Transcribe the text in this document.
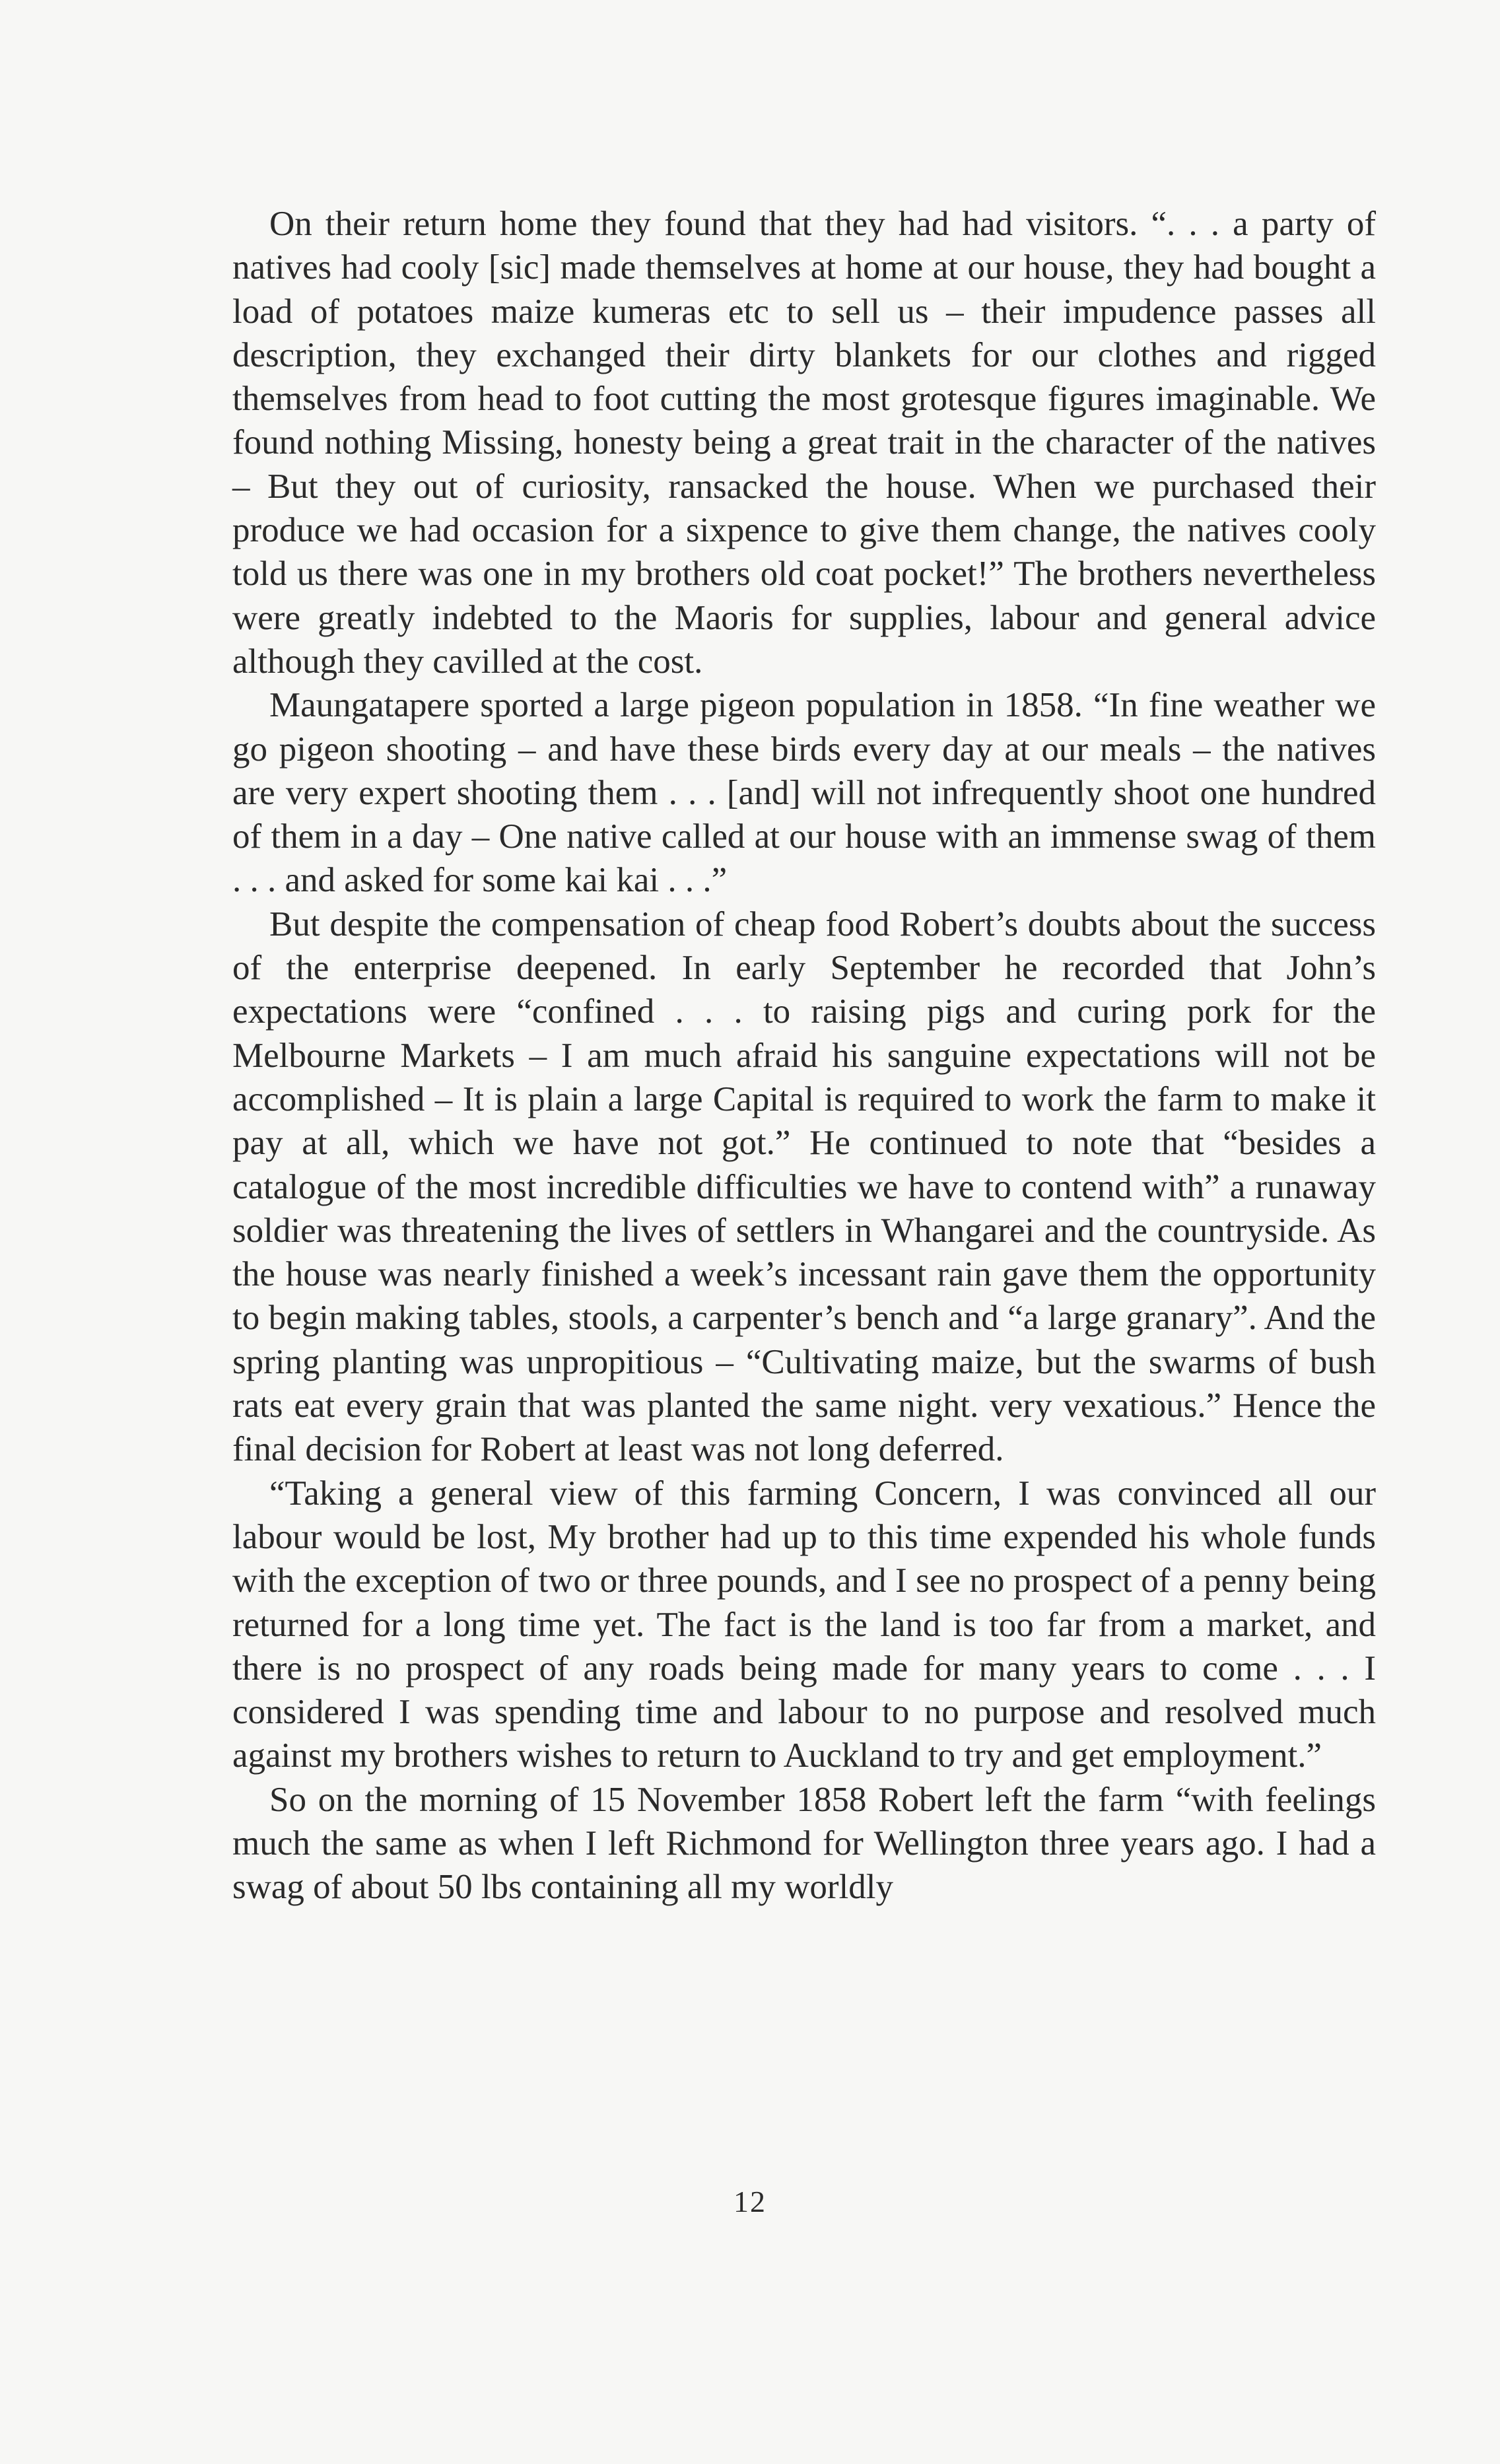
On their return home they found that they had had visitors. “. . . a party of natives had cooly [sic] made themselves at home at our house, they had bought a load of potatoes maize kumeras etc to sell us – their impudence passes all description, they exchanged their dirty blankets for our clothes and rigged themselves from head to foot cutting the most grotesque figures imaginable. We found nothing Missing, honesty being a great trait in the character of the natives – But they out of curiosity, ransacked the house. When we purchased their produce we had occasion for a sixpence to give them change, the natives cooly told us there was one in my brothers old coat pocket!” The brothers nevertheless were greatly indebted to the Maoris for supplies, labour and general advice although they cavilled at the cost.

Maungatapere sported a large pigeon population in 1858. “In fine weather we go pigeon shooting – and have these birds every day at our meals – the natives are very expert shooting them . . . [and] will not infrequently shoot one hundred of them in a day – One native called at our house with an immense swag of them . . . and asked for some kai kai . . .”

But despite the compensation of cheap food Robert’s doubts about the success of the enterprise deepened. In early September he recorded that John’s expectations were “confined . . . to raising pigs and curing pork for the Melbourne Markets – I am much afraid his sanguine expectations will not be accomplished – It is plain a large Capital is required to work the farm to make it pay at all, which we have not got.” He continued to note that “besides a catalogue of the most incredible difficulties we have to contend with” a runaway soldier was threatening the lives of settlers in Whangarei and the countryside. As the house was nearly finished a week’s incessant rain gave them the opportunity to begin making tables, stools, a carpenter’s bench and “a large granary”. And the spring planting was unpropitious – “Cultivating maize, but the swarms of bush rats eat every grain that was planted the same night. very vexatious.” Hence the final decision for Robert at least was not long deferred.

“Taking a general view of this farming Concern, I was convinced all our labour would be lost, My brother had up to this time expended his whole funds with the exception of two or three pounds, and I see no prospect of a penny being returned for a long time yet. The fact is the land is too far from a market, and there is no prospect of any roads being made for many years to come . . . I considered I was spending time and labour to no purpose and resolved much against my brothers wishes to return to Auckland to try and get employment.”

So on the morning of 15 November 1858 Robert left the farm “with feelings much the same as when I left Richmond for Wellington three years ago. I had a swag of about 50 lbs containing all my worldly

12
